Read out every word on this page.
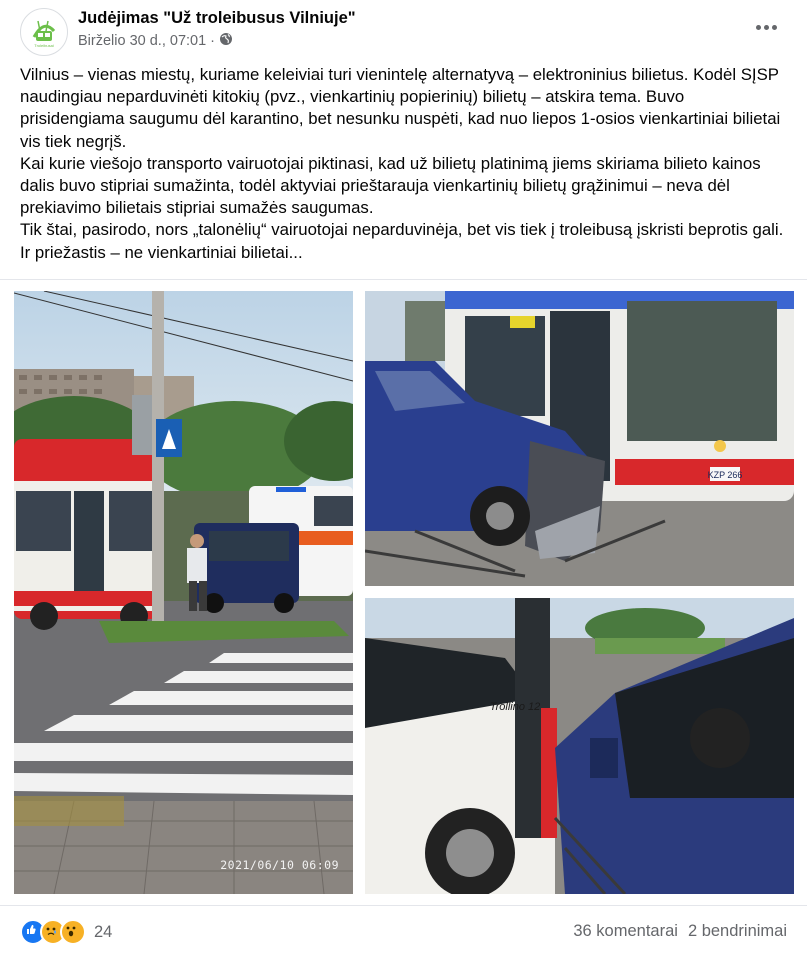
Troleibusai
Judėjimas "Už troleibusus Vilniuje"
Birželio 30 d., 07:01 ·

Vilnius – vienas miestų, kuriame keleiviai turi vienintelę alternatyvą – elektroninius bilietus. Kodėl SĮSP naudingiau neparduvinėti kitokių (pvz., vienkartinių popierinių) bilietų – atskira tema. Buvo prisidengiama saugumu dėl karantino, bet nesunku nuspėti, kad nuo liepos 1-osios vienkartiniai bilietai vis tiek negrįš.

Kai kurie viešojo transporto vairuotojai piktinasi, kad už bilietų platinimą jiems skiriama bilieto kainos dalis buvo stipriai sumažinta, todėl aktyviai prieštarauja vienkartinių bilietų grąžinimui – neva dėl prekiavimo bilietais stipriai sumažės saugumas.

Tik štai, pasirodo, nors „talonėlių“ vairuotojai neparduvinėja, bet vis tiek į troleibusą įskristi beprotis gali. Ir priežastis – ne vienkartiniai bilietai...

2021/06/10 06:09
KZP 266
Trollino 12
24	36 komentarai 2 bendrinimai
